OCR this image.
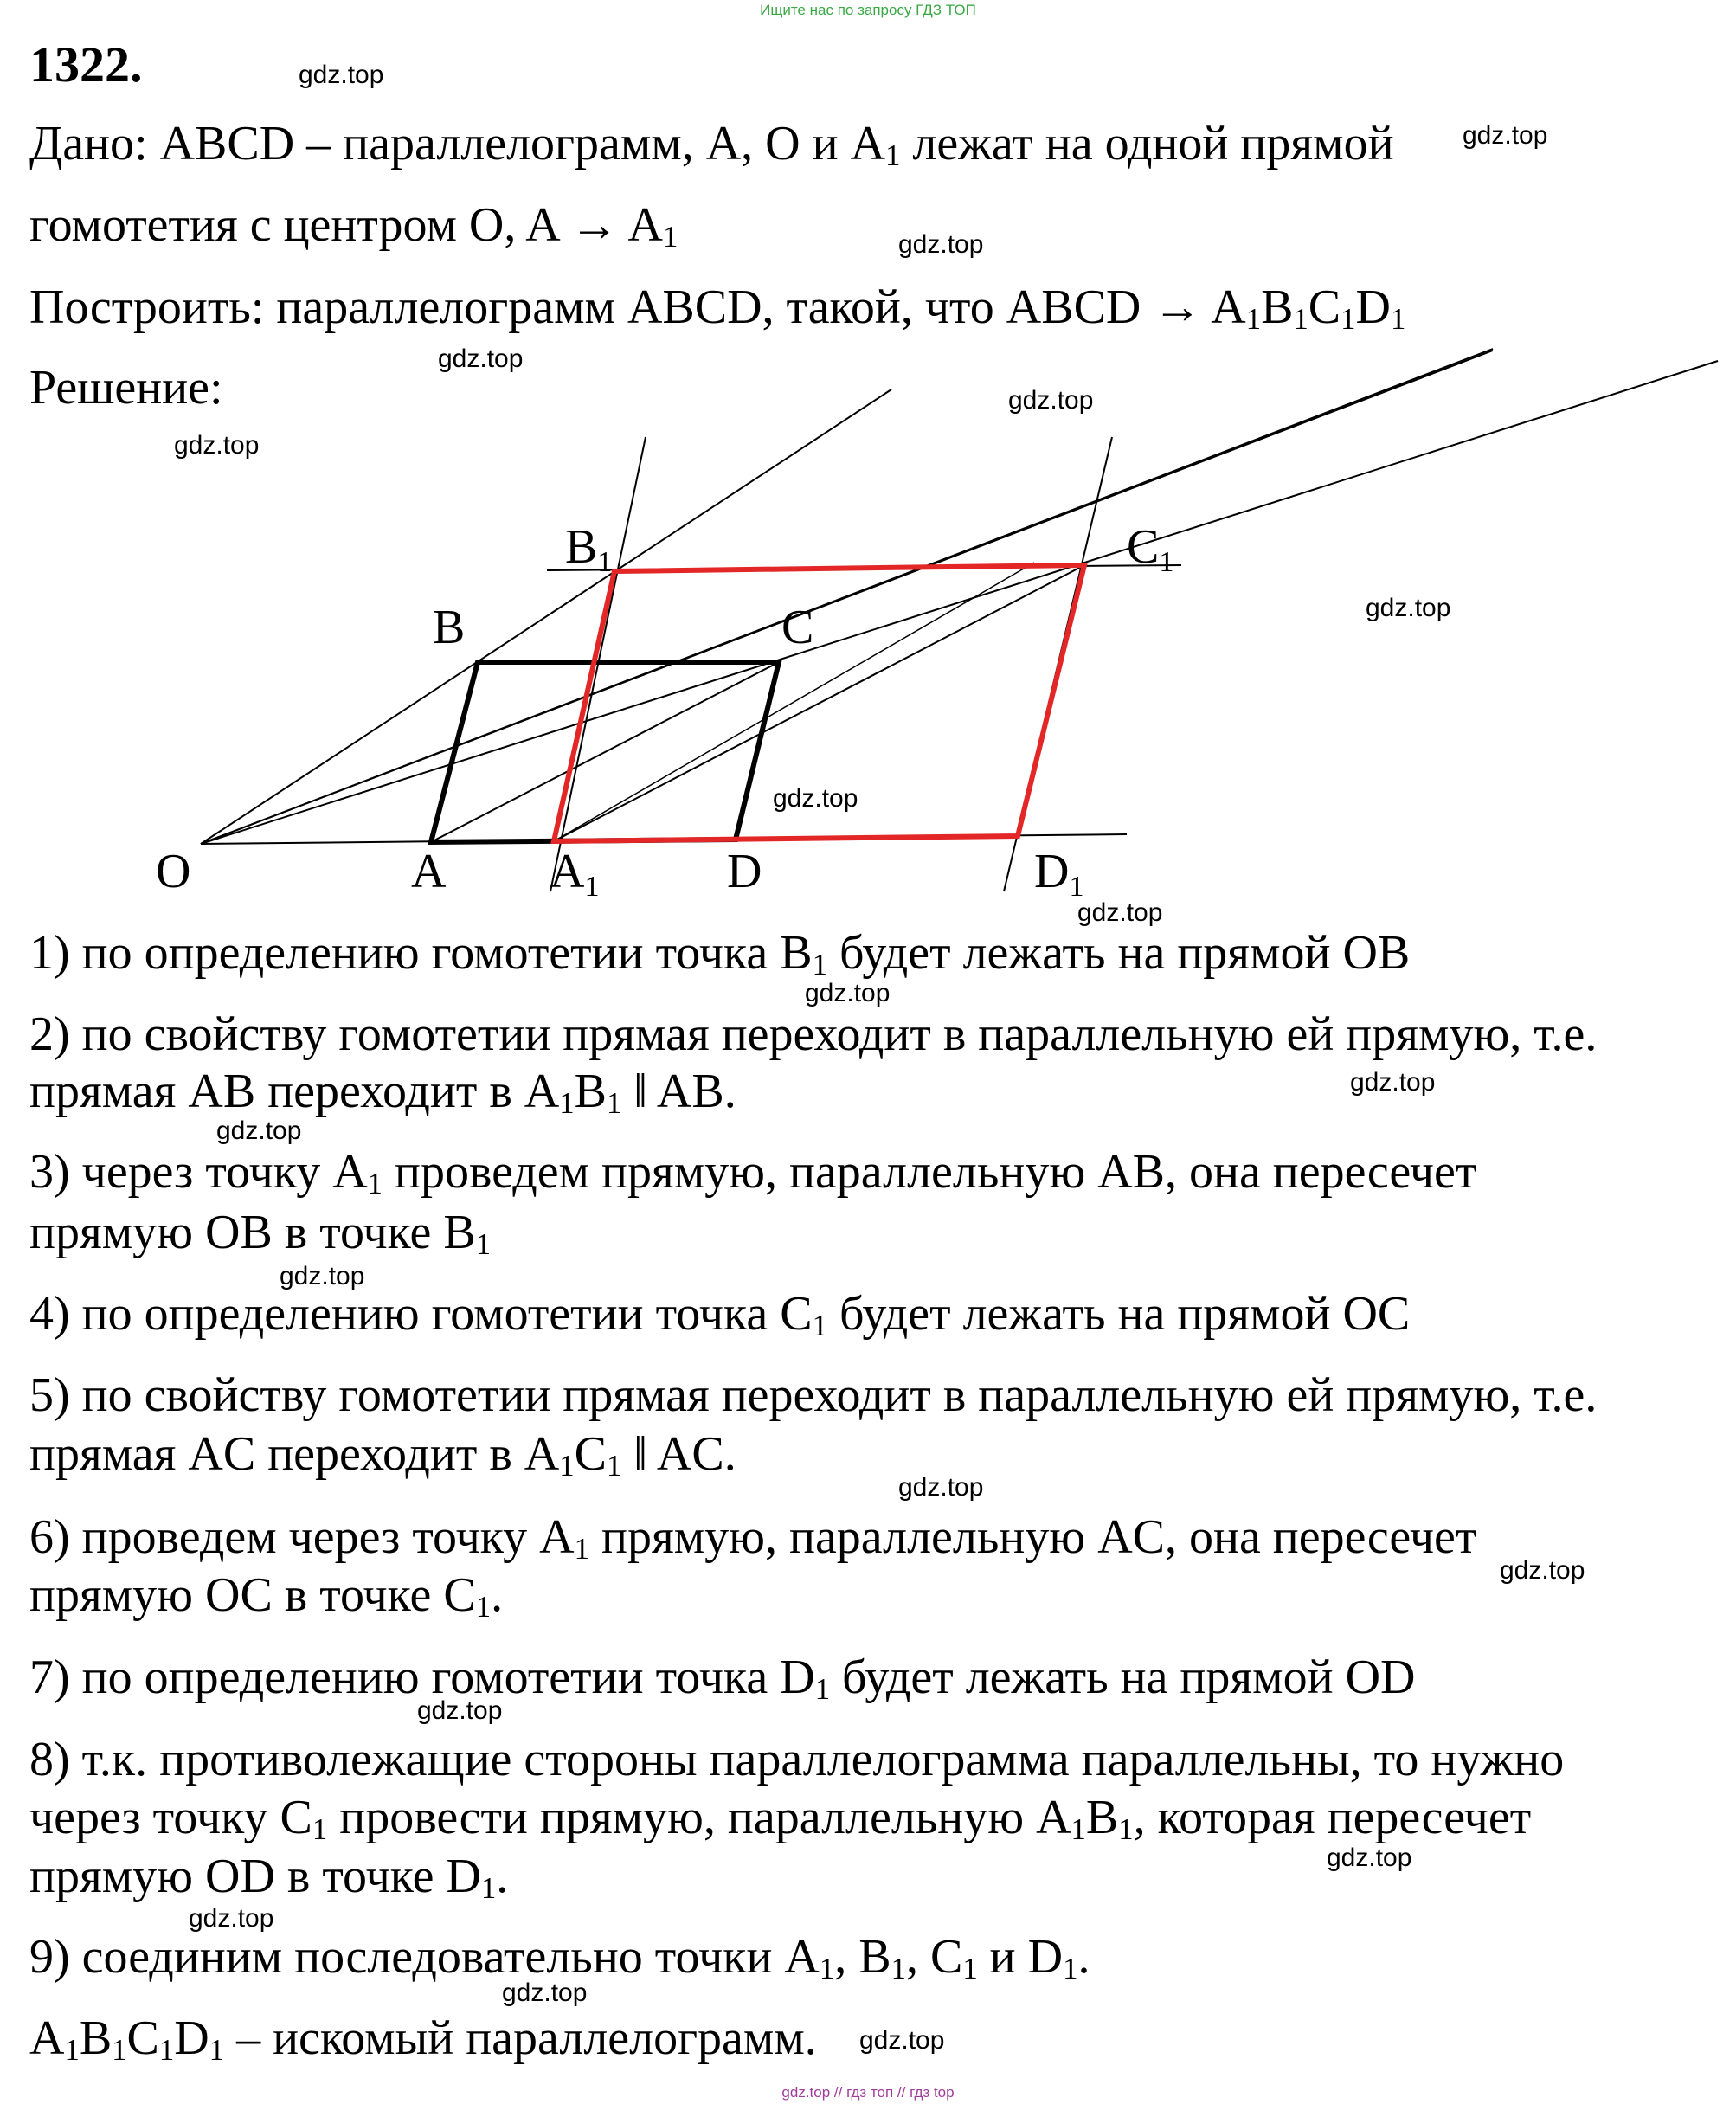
Ищите нас по запросу ГДЗ ТОП
1322.
Дано: ABCD – параллелограмм, A, O и $A_1$ лежат на одной прямой
гомотетия с центром O, $A \to A_1$
Построить: параллелограмм ABCD, такой, что ABCD → $A_1B_1C_1D_1$
Решение:
O	A A1	D	D1
B
B1
C
C1
1) по определению гомотетии точка $B_1$ будет лежать на прямой OB
2) по свойству гомотетии прямая переходит в параллельную ей прямую, т.е.
прямая AB переходит в $A_1B_1$ ‖ AB.
3) через точку $A_1$ проведем прямую, параллельную AB, она пересечет
прямую OB в точке $B_1$
4) по определению гомотетии точка $C_1$ будет лежать на прямой OC
5) по свойству гомотетии прямая переходит в параллельную ей прямую, т.е.
прямая AC переходит в $A_1C_1$ ‖ AC.
6) проведем через точку $A_1$ прямую, параллельную AC, она пересечет
прямую OC в точке $C_1$.
7) по определению гомотетии точка $D_1$ будет лежать на прямой OD
8) т.к. противолежащие стороны параллелограмма параллельны, то нужно
через точку $C_1$ провести прямую, параллельную $A_1B_1$, которая пересечет
прямую OD в точке $D_1$.
9) соединим последовательно точки $A_1$, $B_1$, $C_1$ и $D_1$.
$A_1B_1C_1D_1$ – искомый параллелограмм.
gdz.top
gdz.top
gdz.top
gdz.top
gdz.top
gdz.top
gdz.top
gdz.top
gdz.top
gdz.top
gdz.top
gdz.top
gdz.top
gdz.top
gdz.top
gdz.top
gdz.top
gdz.top
gdz.top
gdz.top
gdz.top // гдз топ // гдз top
